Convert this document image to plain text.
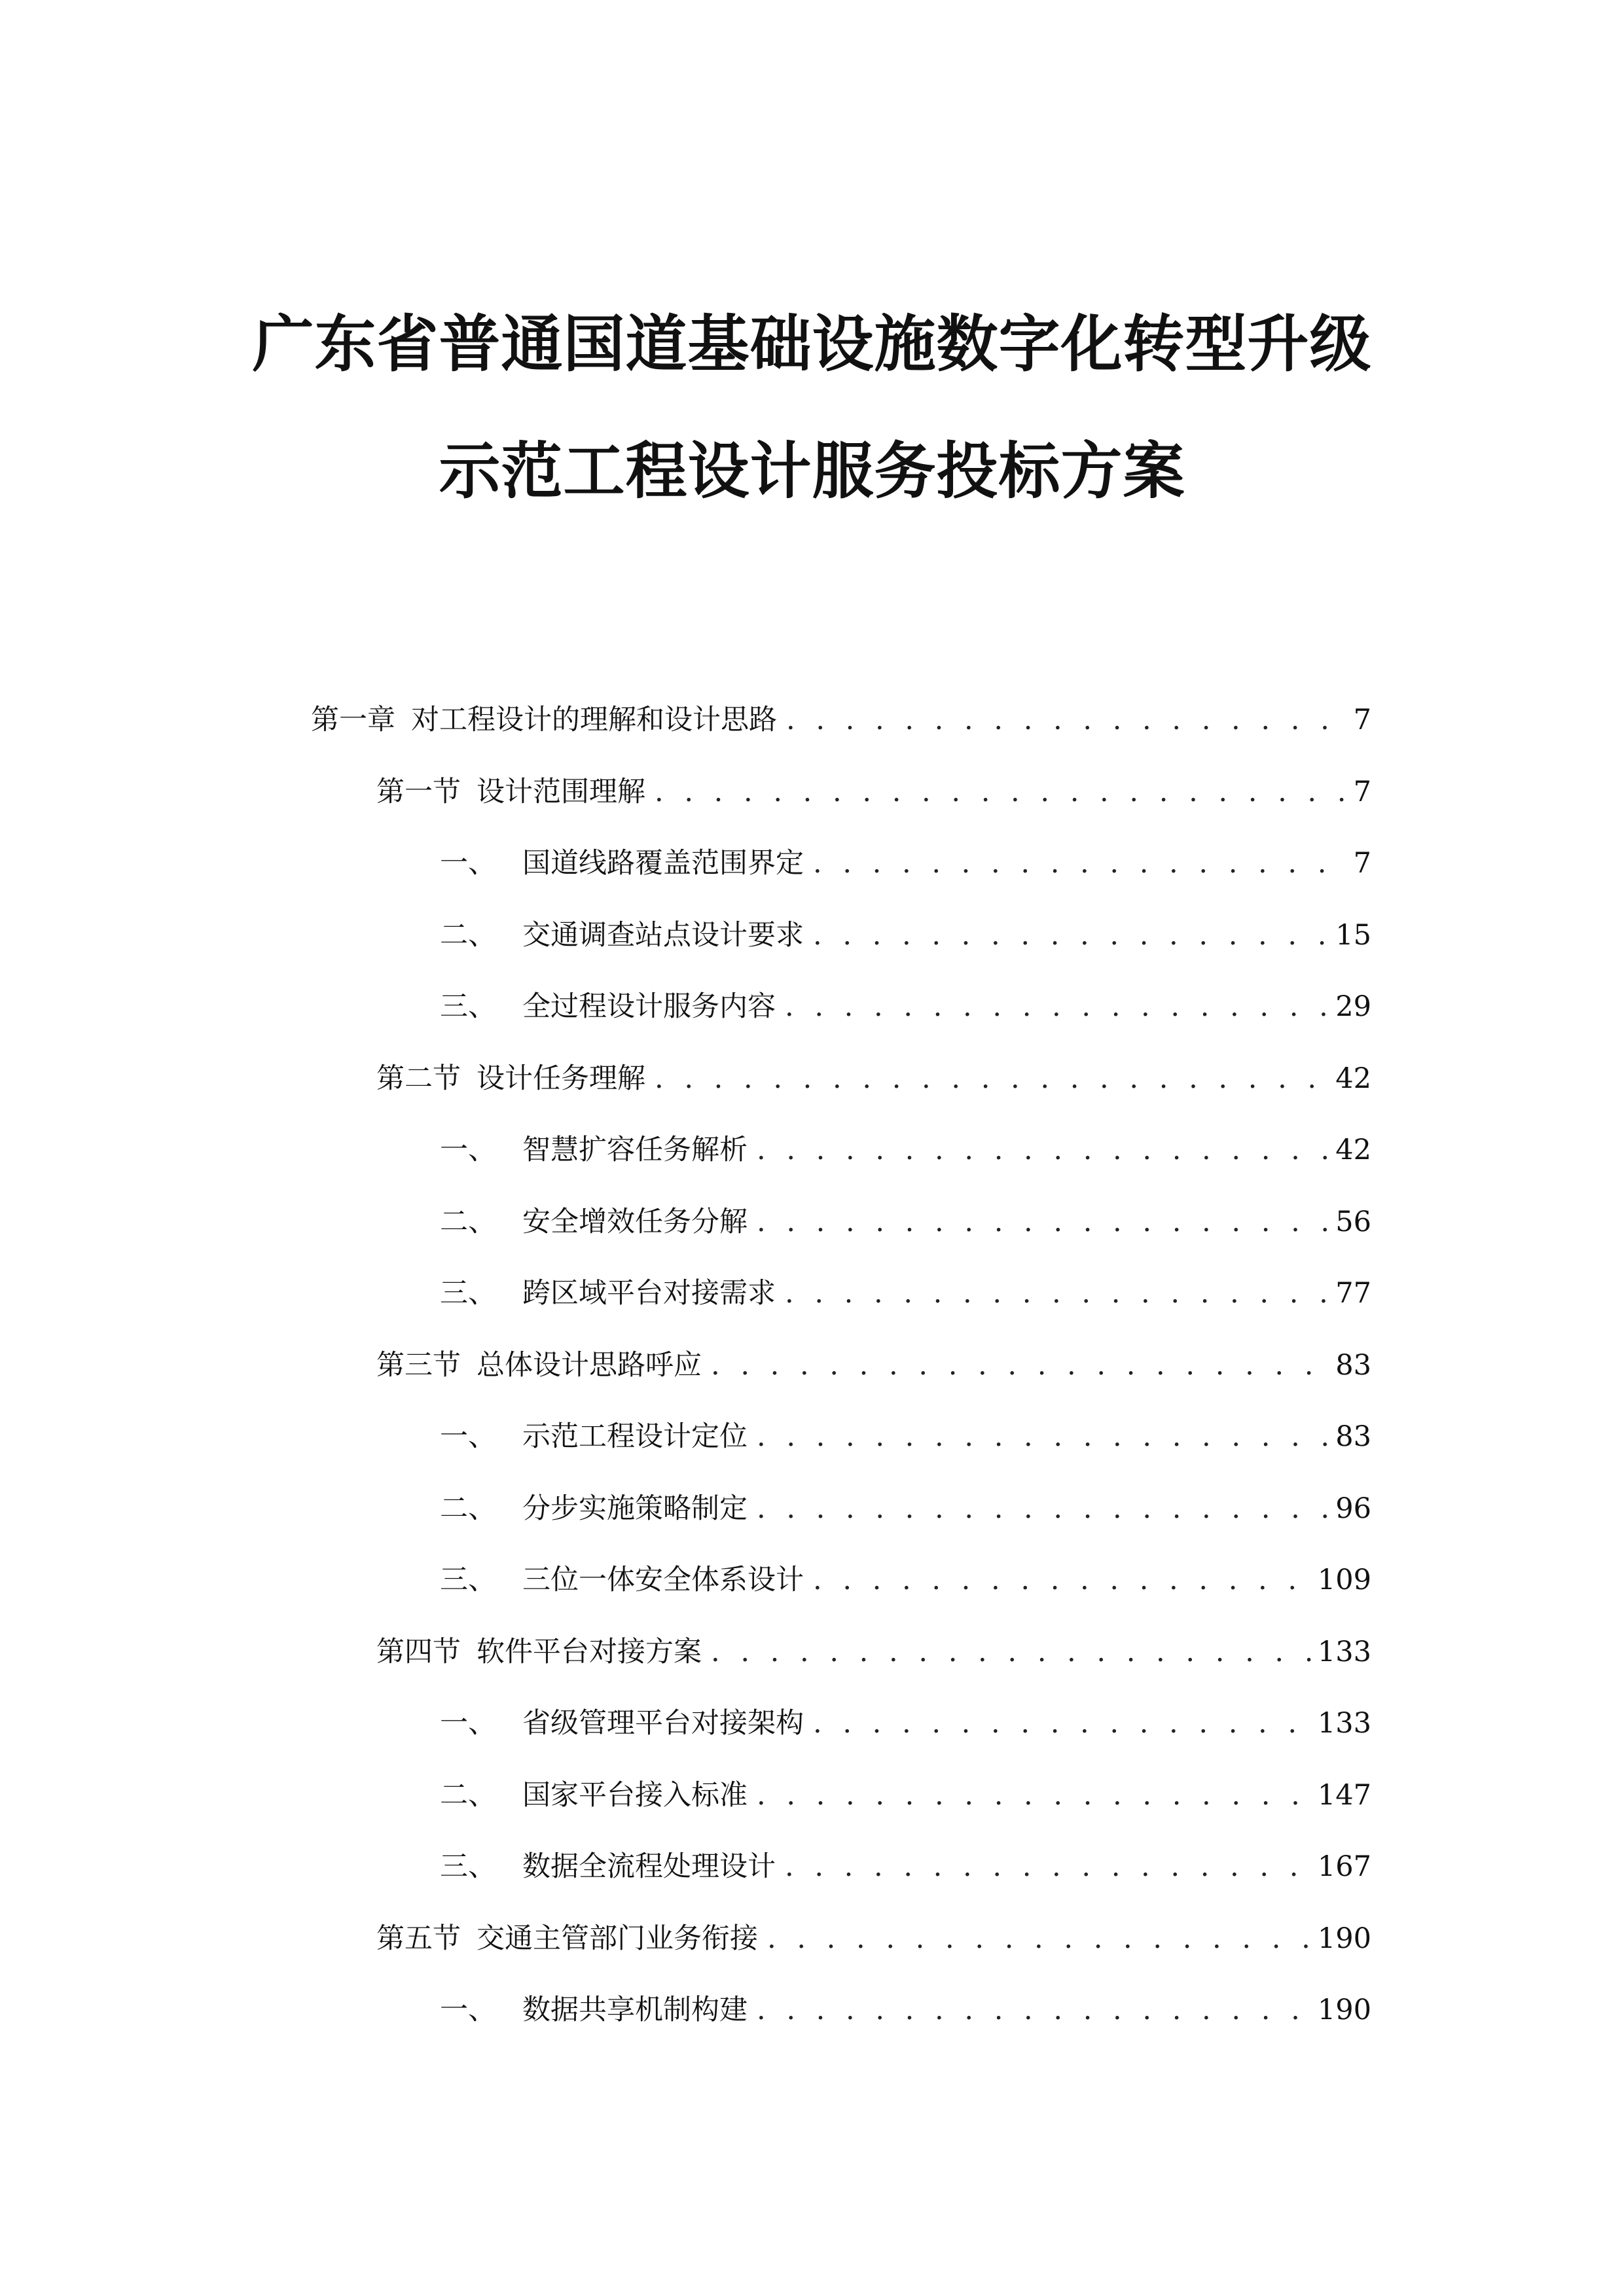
广东省普通国道基础设施数字化转型升级
示范工程设计服务投标方案
第一章 对工程设计的理解和设计思路 . . .	7
第一节 设计范围理解 . . .	7
一、 国道线路覆盖范围界定 . . .	7
二、 交通调查站点设计要求 . . .	15
三、 全过程设计服务内容 . . .	29
第二节 设计任务理解 . . .	42
一、 智慧扩容任务解析 . . .	42
二、 安全增效任务分解 . . .	56
三、 跨区域平台对接需求 . . .	77
第三节 总体设计思路呼应 . . .	83
一、 示范工程设计定位 . . .	83
二、 分步实施策略制定 . . .	96
三、 三位一体安全体系设计 . . .	109
第四节 软件平台对接方案 . . .	133
一、 省级管理平台对接架构 . . .	133
二、 国家平台接入标准 . . .	147
三、 数据全流程处理设计 . . .	167
第五节 交通主管部门业务衔接 . . .	190
一、 数据共享机制构建 . . .	190
